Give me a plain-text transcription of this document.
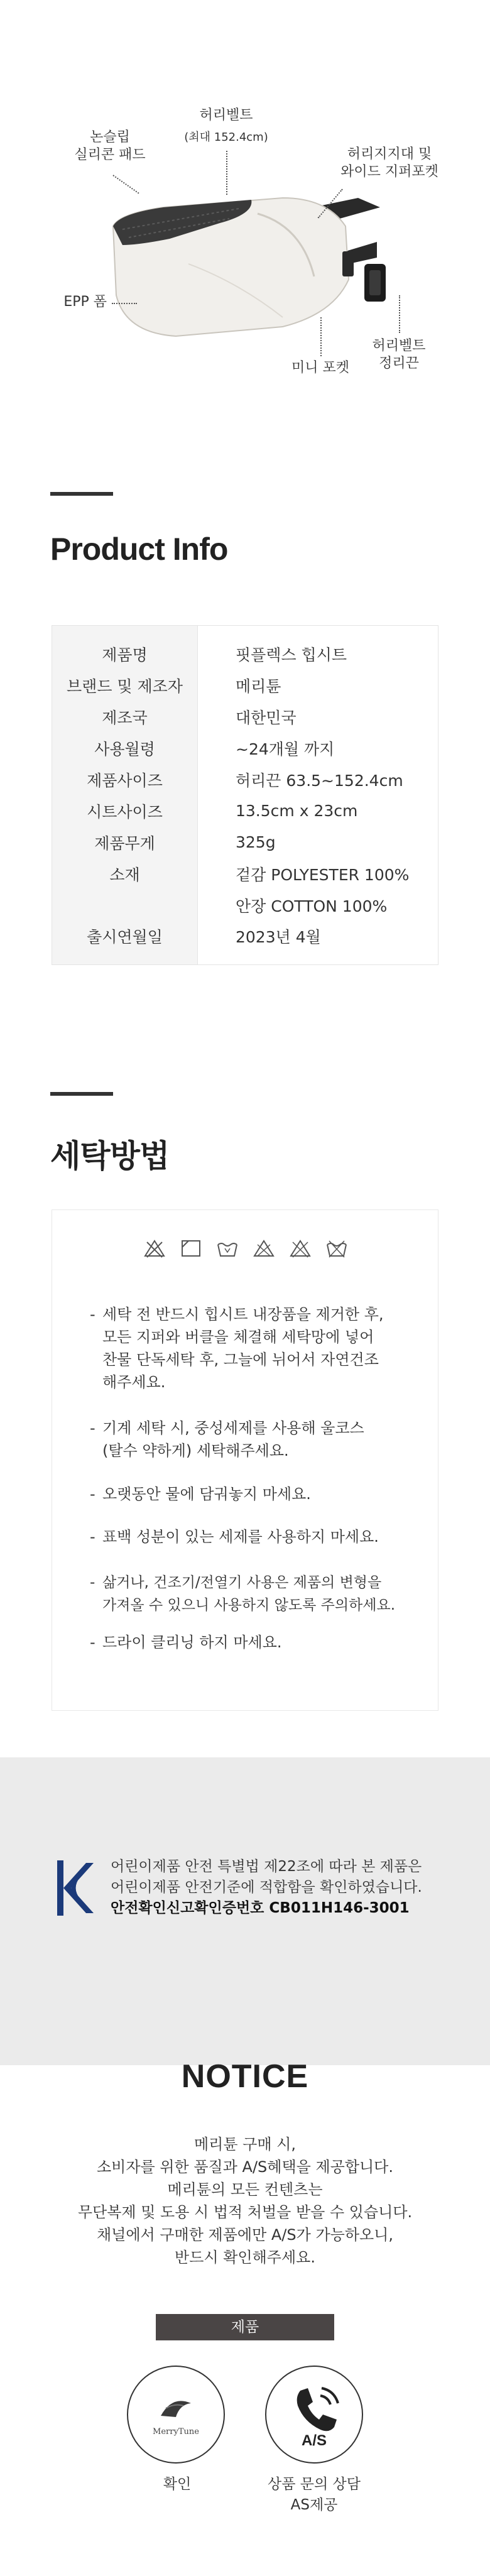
논슬립
실리콘 패드
허리벨트
(최대 152.4cm)
허리지지대 및
와이드 지퍼포켓
EPP 폼
미니 포켓
허리벨트
정리끈
Product Info
제품명	핏플렉스 힙시트
브랜드 및 제조자	메리튠
제조국	대한민국
사용월령	~24개월 까지
제품사이즈	허리끈 63.5~152.4cm
시트사이즈	13.5cm x 23cm
제품무게	325g
소재	겉감 POLYESTER 100%
	안장 COTTON 100%
출시연월일	2023년 4월
세탁방법
- 세탁 전 반드시 힙시트 내장품을 제거한 후,
모든 지퍼와 버클을 체결해 세탁망에 넣어
찬물 단독세탁 후, 그늘에 뉘어서 자연건조
해주세요.
- 기계 세탁 시, 중성세제를 사용해 울코스
(탈수 약하게) 세탁해주세요.
- 오랫동안 물에 담궈놓지 마세요.
- 표백 성분이 있는 세제를 사용하지 마세요.
- 삶거나, 건조기/전열기 사용은 제품의 변형을
가져올 수 있으니 사용하지 않도록 주의하세요.
- 드라이 클리닝 하지 마세요.
어린이제품 안전 특별법 제22조에 따라 본 제품은
어린이제품 안전기준에 적합함을 확인하였습니다.
안전확인신고확인증번호 CB011H146-3001
NOTICE
메리튠 구매 시,
소비자를 위한 품질과 A/S혜택을 제공합니다.
메리튠의 모든 컨텐츠는
무단복제 및 도용 시 법적 처벌을 받을 수 있습니다.
채널에서 구매한 제품에만 A/S가 가능하오니,
반드시 확인해주세요.
제품
MerryTune
A/S
확인	상품 문의 상담
AS제공
